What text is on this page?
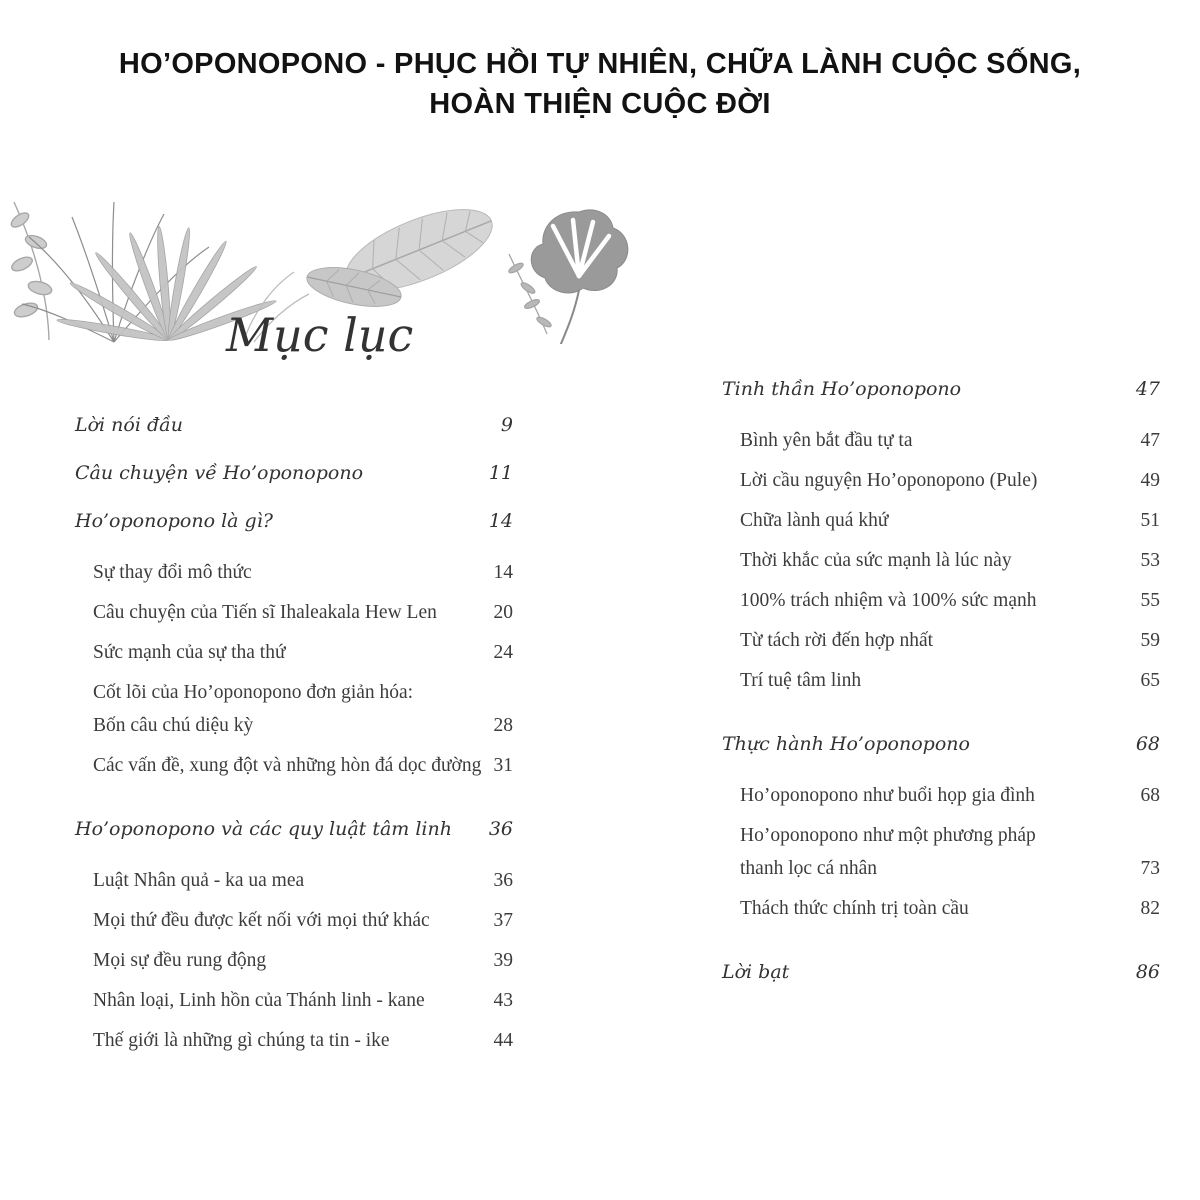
HO’OPONOPONO - PHỤC HỒI TỰ NHIÊN, CHỮA LÀNH CUỘC SỐNG,
HOÀN THIỆN CUỘC ĐỜI
Mục lục
Lời nói đầu	9
Câu chuyện về Ho’oponopono	11
Ho’oponopono là gì?	14
Sự thay đổi mô thức	14
Câu chuyện của Tiến sĩ Ihaleakala Hew Len	20
Sức mạnh của sự tha thứ	24
Cốt lõi của Ho’oponopono đơn giản hóa:
Bốn câu chú diệu kỳ	28
Các vấn đề, xung đột và những hòn đá dọc đường 31
Ho’oponopono và các quy luật tâm linh	36
Luật Nhân quả - ka ua mea	36
Mọi thứ đều được kết nối với mọi thứ khác	37
Mọi sự đều rung động	39
Nhân loại, Linh hồn của Thánh linh - kane	43
Thế giới là những gì chúng ta tin - ike	44
Tinh thần Ho’oponopono	47
Bình yên bắt đầu tự ta	47
Lời cầu nguyện Ho’oponopono (Pule)	49
Chữa lành quá khứ	51
Thời khắc của sức mạnh là lúc này	53
100% trách nhiệm và 100% sức mạnh	55
Từ tách rời đến hợp nhất	59
Trí tuệ tâm linh	65
Thực hành Ho’oponopono	68
Ho’oponopono như buổi họp gia đình	68
Ho’oponopono như một phương pháp
thanh lọc cá nhân	73
Thách thức chính trị toàn cầu	82
Lời bạt	86
